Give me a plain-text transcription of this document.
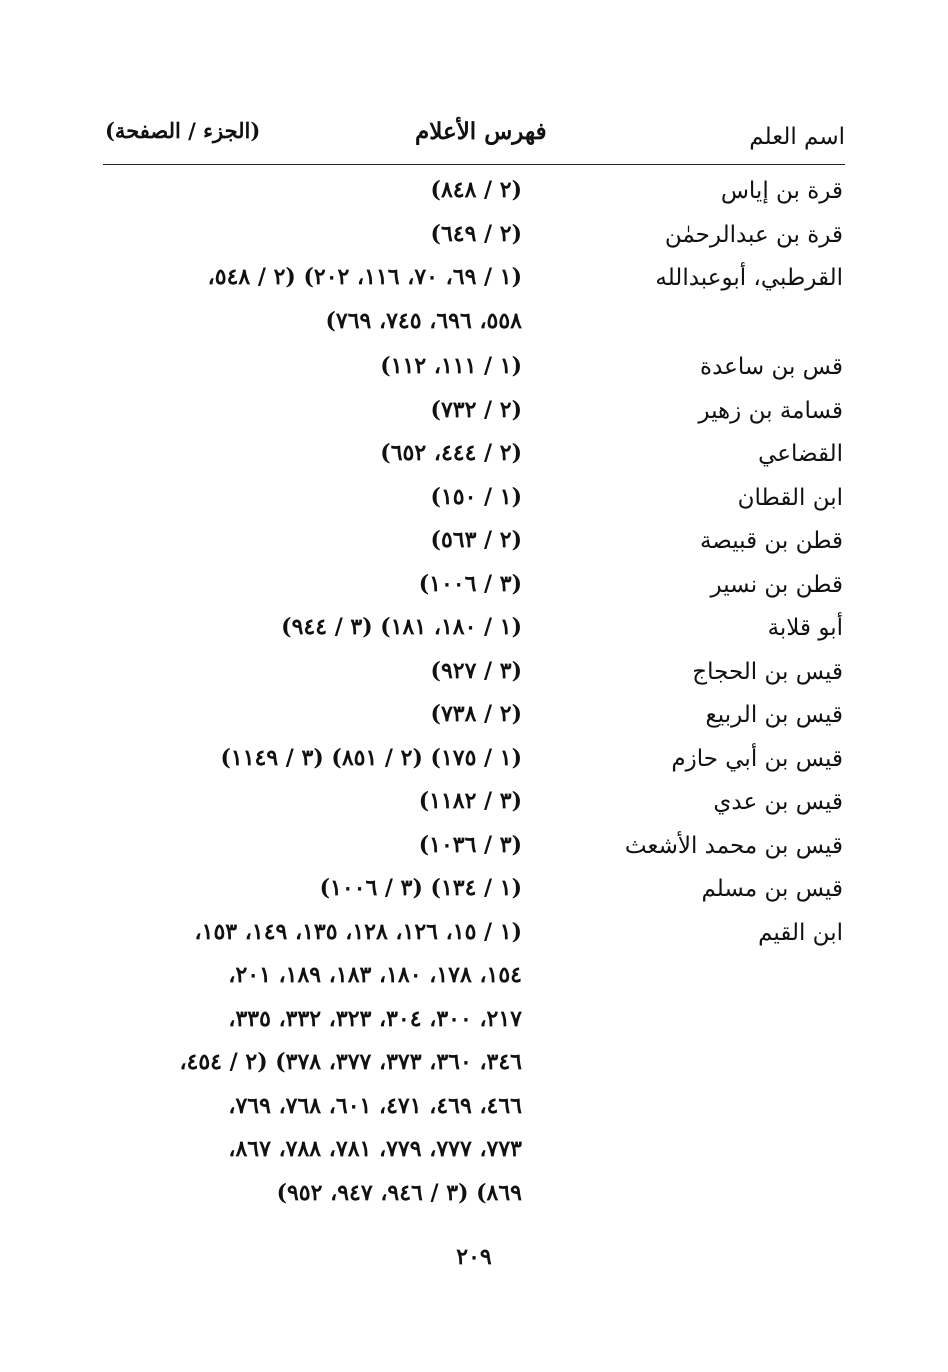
اسم العلم
فهرس الأعلام
(الجزء / الصفحة)
قرة بن إياس
(٢ / ٨٤٨)
قرة بن عبدالرحمٰن
(٢ / ٦٤٩)
القرطبي، أبوعبدالله
(١ / ٦٩، ٧٠، ١١٦، ٢٠٢) (٢ / ٥٤٨،
٥٥٨، ٦٩٦، ٧٤٥، ٧٦٩)
قس بن ساعدة
(١ / ١١١، ١١٢)
قسامة بن زهير
(٢ / ٧٣٢)
القضاعي
(٢ / ٤٤٤، ٦٥٢)
ابن القطان
(١ / ١٥٠)
قطن بن قبيصة
(٢ / ٥٦٣)
قطن بن نسير
(٣ / ١٠٠٦)
أبو قلابة
(١ / ١٨٠، ١٨١) (٣ / ٩٤٤)
قيس بن الحجاج
(٣ / ٩٢٧)
قيس بن الربيع
(٢ / ٧٣٨)
قيس بن أبي حازم
(١ / ١٧٥) (٢ / ٨٥١) (٣ / ١١٤٩)
قيس بن عدي
(٣ / ١١٨٢)
قيس بن محمد الأشعث
(٣ / ١٠٣٦)
قيس بن مسلم
(١ / ١٣٤) (٣ / ١٠٠٦)
ابن القيم
(١ / ١٥، ١٢٦، ١٢٨، ١٣٥، ١٤٩، ١٥٣،
١٥٤، ١٧٨، ١٨٠، ١٨٣، ١٨٩، ٢٠١،
٢١٧، ٣٠٠، ٣٠٤، ٣٢٣، ٣٣٢، ٣٣٥،
٣٤٦، ٣٦٠، ٣٧٣، ٣٧٧، ٣٧٨) (٢ / ٤٥٤،
٤٦٦، ٤٦٩، ٤٧١، ٦٠١، ٧٦٨، ٧٦٩،
٧٧٣، ٧٧٧، ٧٧٩، ٧٨١، ٧٨٨، ٨٦٧،
٨٦٩) (٣ / ٩٤٦، ٩٤٧، ٩٥٢)
٢٠٩
